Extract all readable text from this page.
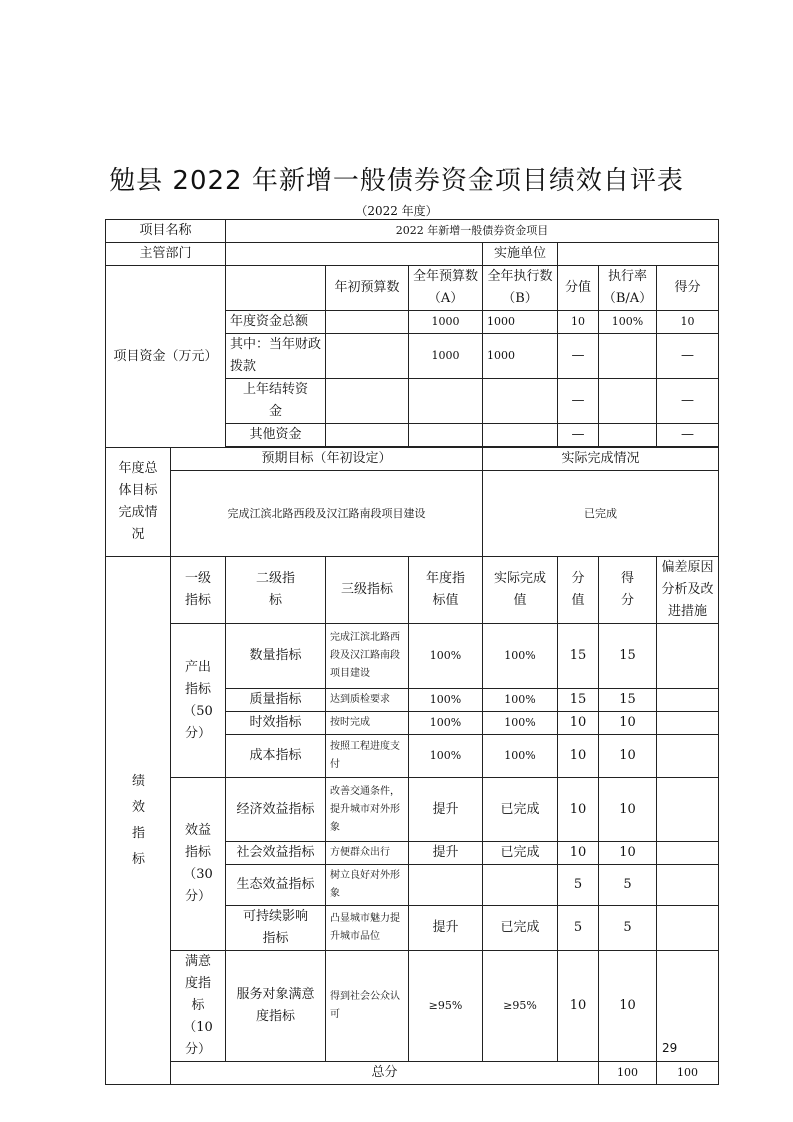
勉县 2022 年新增一般债券资金项目绩效自评表
（2022 年度）
项目名称		2022 年新增一般债券资金项目							
主管部门					实施单位				
项目资金（万元）			年初预算数	全年预算数（A）	全年执行数（B）	分值	执行率（B/A）	得分	
		年度资金总额		1000	1000	10	100%	10	
		其中：当年财政拨款		1000	1000	—		—	
		上年结转资金				—		—	
		其他资金				—		—	

年度总体目标完成情况	预期目标（年初设定）				实际完成情况				
	完成江滨北路西段及汉江路南段项目建设				已完成				
绩效指标	一级指标	二级指标	三级指标	年度指标值	实际完成值	分值	得分	偏差原因分析及改进措施	
	产出指标（50分）	数量指标	完成江滨北路西段及汉江路南段项目建设	100%	100%	15	15		
		质量指标	达到质检要求	100%	100%	15	15		
		时效指标	按时完成	100%	100%	10	10		
		成本指标	按照工程进度支付	100%	100%	10	10		
	效益指标（30分）	经济效益指标	改善交通条件，提升城市对外形象	提升	已完成	10	10		
		社会效益指标	方便群众出行	提升	已完成	10	10		
		生态效益指标	树立良好对外形象			5	5		
		可持续影响指标	凸显城市魅力提升城市品位	提升	已完成	5	5		
	满意度指标（10分）	服务对象满意度指标	得到社会公众认可	≥95%	≥95%	10	10		
	总分						100	100	
29
